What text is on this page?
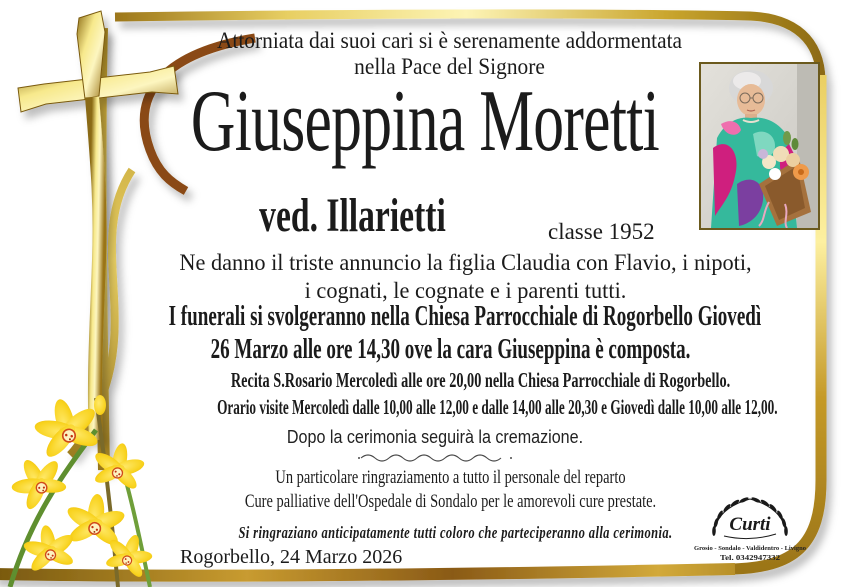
Attorniata dai suoi cari si è serenamente addormentata
nella Pace del Signore
Giuseppina Moretti
ved. Illarietti	classe 1952
Ne danno il triste annuncio la figlia Claudia con Flavio, i nipoti,
i cognati, le cognate e i parenti tutti.
I funerali si svolgeranno nella Chiesa Parrocchiale di Rogorbello Giovedì
26 Marzo alle ore 14,30 ove la cara Giuseppina è composta.
Recita S.Rosario Mercoledì alle ore 20,00 nella Chiesa Parrocchiale di Rogorbello.
Orario visite Mercoledì dalle 10,00 alle 12,00 e dalle 14,00 alle 20,30 e Giovedì dalle 10,00 alle 12,00.
Dopo la cerimonia seguirà la cremazione.
Un particolare ringraziamento a tutto il personale del reparto
Cure palliative dell'Ospedale di Sondalo per le amorevoli cure prestate.
Si ringraziano anticipatamente tutti coloro che parteciperanno alla cerimonia.
Rogorbello, 24 Marzo 2026
Curti
Grosio - Sondalo - Valdidentro - Livigno
Tel. 0342947332
